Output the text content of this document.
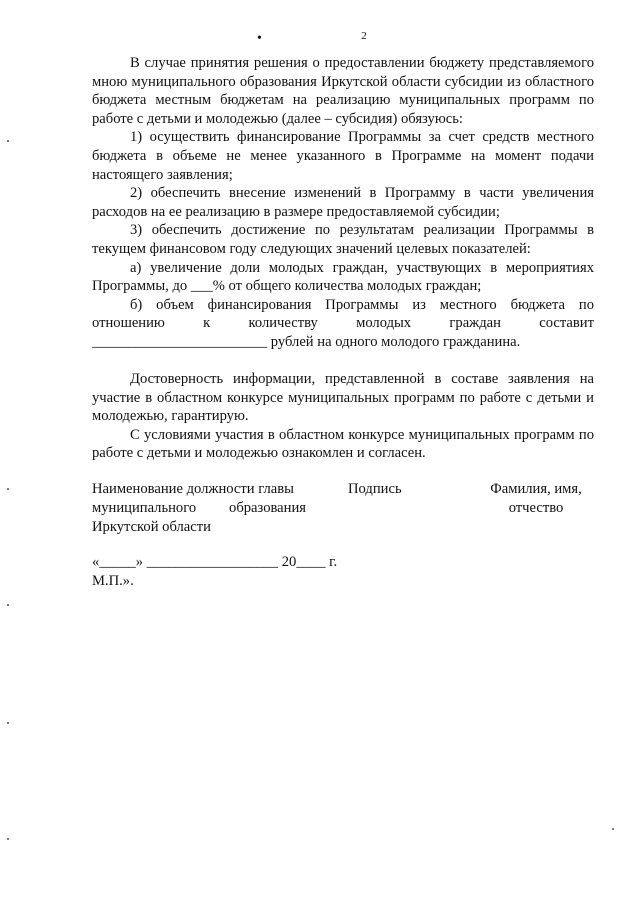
•	2

В случае принятия решения о предоставлении бюджету представляемого мною муниципального образования Иркутской области субсидии из областного бюджета местным бюджетам на реализацию муниципальных программ по работе с детьми и молодежью (далее – субсидия) обязуюсь:

1) осуществить финансирование Программы за счет средств местного бюджета в объеме не менее указанного в Программе на момент подачи настоящего заявления;

2) обеспечить внесение изменений в Программу в части увеличения расходов на ее реализацию в размере предоставляемой субсидии;

3) обеспечить достижение по результатам реализации Программы в текущем финансовом году следующих значений целевых показателей:

а) увеличение доли молодых граждан, участвующих в мероприятиях Программы, до ___% от общего количества молодых граждан;

б) объем финансирования Программы из местного бюджета по отношению к количеству молодых граждан составит

________________________ рублей на одного молодого гражданина.

Достоверность информации, представленной в составе заявления на участие в областном конкурсе муниципальных программ по работе с детьми и молодежью, гарантирую.

С условиями участия в областном конкурсе муниципальных программ по работе с детьми и молодежью ознакомлен и согласен.

Наименование должности главы
муниципального образования
Иркутской области
Подпись	Фамилия, имя,
отчество
«_____» __________________ 20____ г.
М.П.».
